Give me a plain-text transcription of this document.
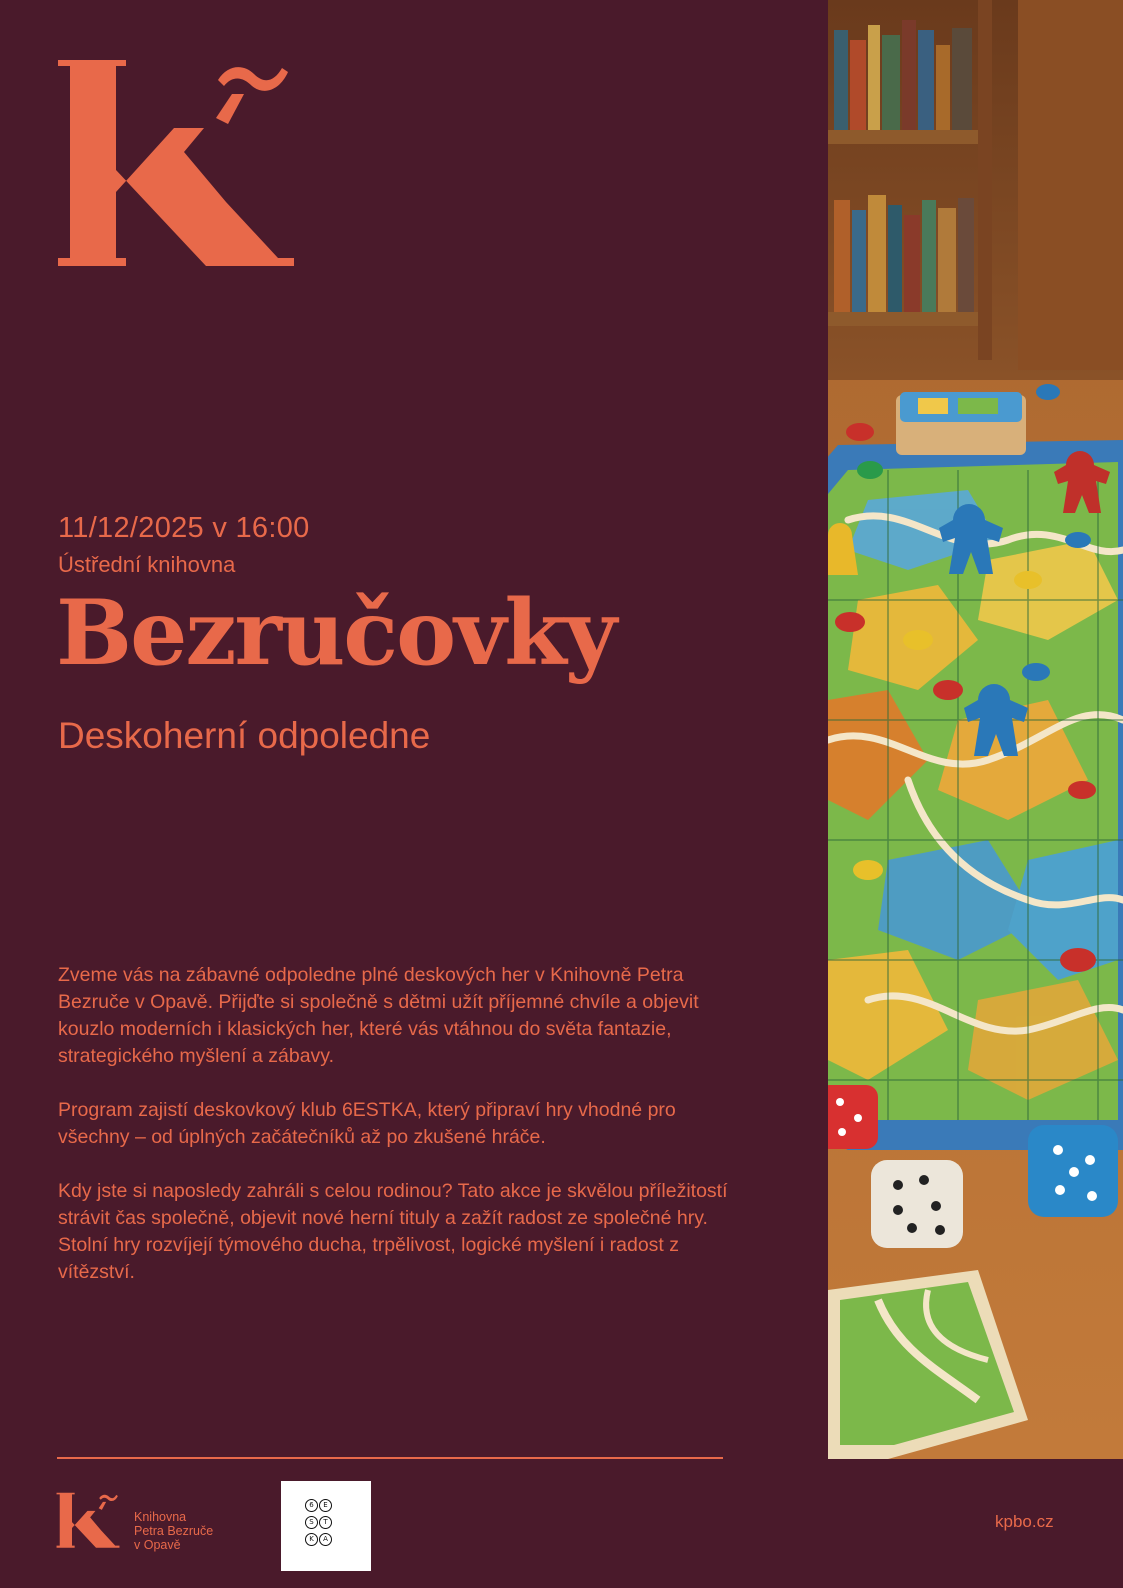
11/12/2025 v 16:00
Ústřední knihovna
Bezručovky
Deskoherní odpoledne

Zveme vás na zábavné odpoledne plné deskových her v Knihovně Petra Bezruče v Opavě. Přijďte si společně s dětmi užít příjemné chvíle a objevit kouzlo moderních i klasických her, které vás vtáhnou do světa fantazie, strategického myšlení a zábavy.

Program zajistí deskovkový klub 6ESTKA, který připraví hry vhodné pro všechny – od úplných začátečníků až po zkušené hráče.

Kdy jste si naposledy zahráli s celou rodinou? Tato akce je skvělou příležitostí strávit čas společně, objevit nové herní tituly a zažít radost ze společné hry. Stolní hry rozvíjejí týmového ducha, trpělivost, logické myšlení i radost z vítězství.

Knihovna
Petra Bezruče
v Opavě
6	E
S	T
K	A
kpbo.cz
